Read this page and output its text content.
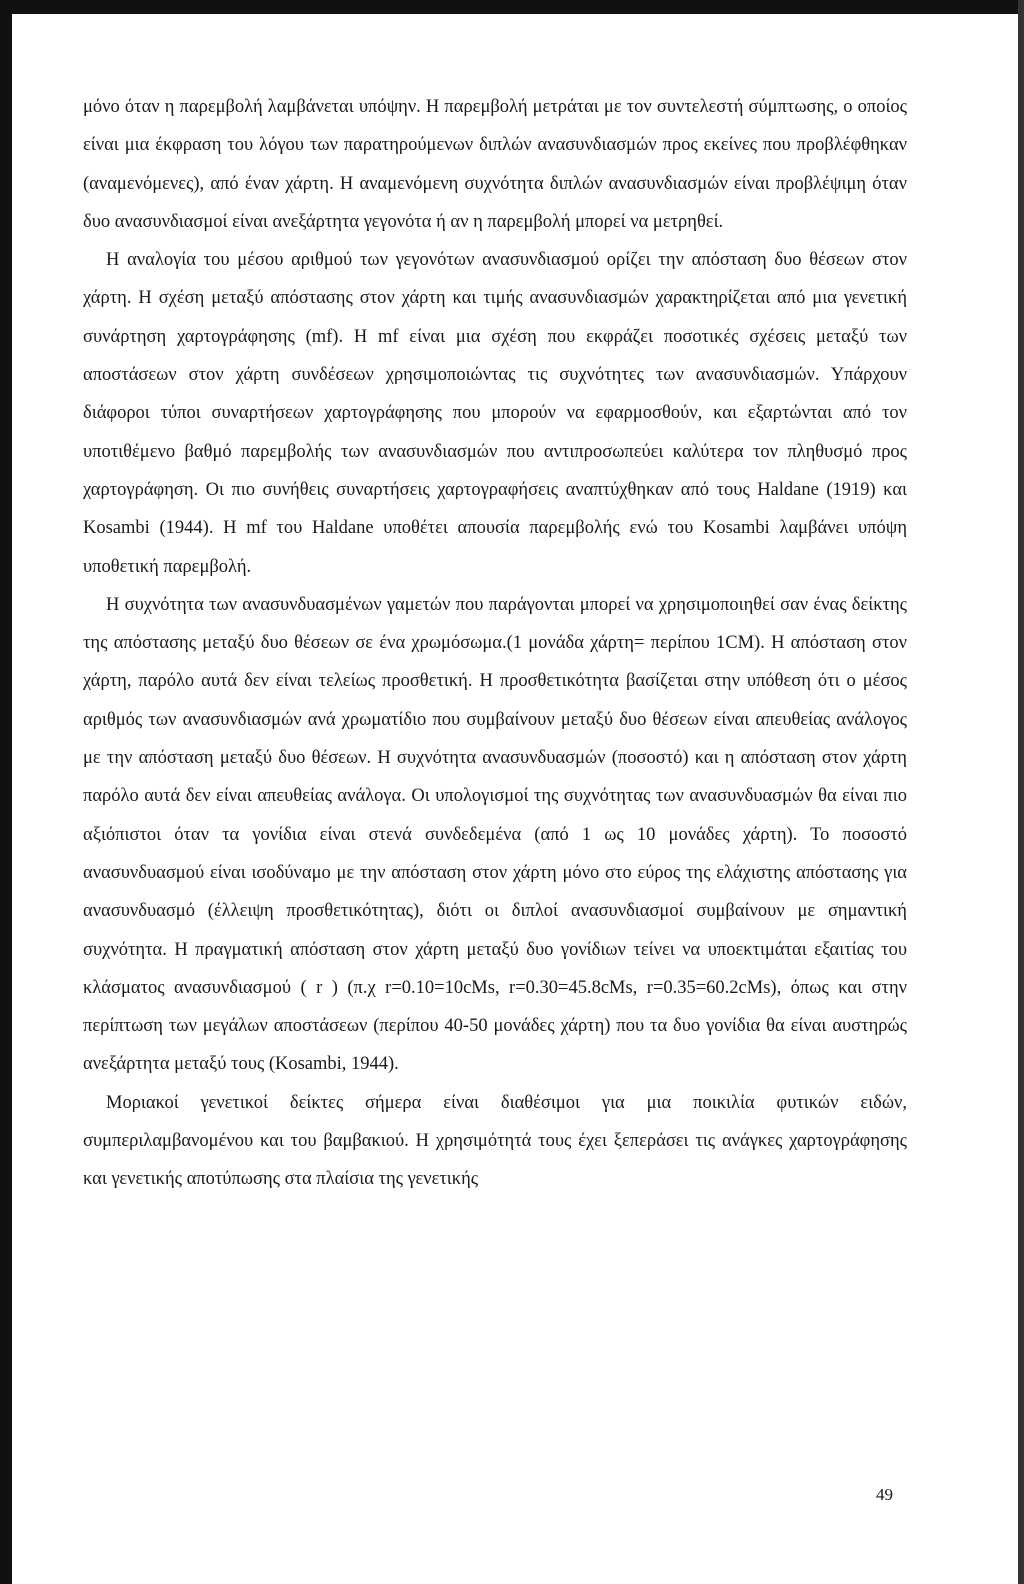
μόνο όταν η παρεμβολή λαμβάνεται υπόψην. Η παρεμβολή μετράται με τον συντελεστή σύμπτωσης, ο οποίος είναι μια έκφραση του λόγου των παρατηρούμενων διπλών ανασυνδιασμών προς εκείνες που προβλέφθηκαν (αναμενόμενες), από έναν χάρτη. Η αναμενόμενη συχνότητα διπλών ανασυνδιασμών είναι προβλέψιμη όταν δυο ανασυνδιασμοί είναι ανεξάρτητα γεγονότα ή αν η παρεμβολή μπορεί να μετρηθεί.

Η αναλογία του μέσου αριθμού των γεγονότων ανασυνδιασμού ορίζει την απόσταση δυο θέσεων στον χάρτη. Η σχέση μεταξύ απόστασης στον χάρτη και τιμής ανασυνδιασμών χαρακτηρίζεται από μια γενετική συνάρτηση χαρτογράφησης (mf). Η mf είναι μια σχέση που εκφράζει ποσοτικές σχέσεις μεταξύ των αποστάσεων στον χάρτη συνδέσεων χρησιμοποιώντας τις συχνότητες των ανασυνδιασμών. Υπάρχουν διάφοροι τύποι συναρτήσεων χαρτογράφησης που μπορούν να εφαρμοσθούν, και εξαρτώνται από τον υποτιθέμενο βαθμό παρεμβολής των ανασυνδιασμών που αντιπροσωπεύει καλύτερα τον πληθυσμό προς χαρτογράφηση. Οι πιο συνήθεις συναρτήσεις χαρτογραφήσεις αναπτύχθηκαν από τους Haldane (1919) και Kosambi (1944). Η mf του Haldane υποθέτει απουσία παρεμβολής ενώ του Kosambi λαμβάνει υπόψη υποθετική παρεμβολή.

Η συχνότητα των ανασυνδυασμένων γαμετών που παράγονται μπορεί να χρησιμοποιηθεί σαν ένας δείκτης της απόστασης μεταξύ δυο θέσεων σε ένα χρωμόσωμα.(1 μονάδα χάρτη= περίπου 1CM). Η απόσταση στον χάρτη, παρόλο αυτά δεν είναι τελείως προσθετική. Η προσθετικότητα βασίζεται στην υπόθεση ότι ο μέσος αριθμός των ανασυνδιασμών ανά χρωματίδιο που συμβαίνουν μεταξύ δυο θέσεων είναι απευθείας ανάλογος με την απόσταση μεταξύ δυο θέσεων. Η συχνότητα ανασυνδυασμών (ποσοστό) και η απόσταση στον χάρτη παρόλο αυτά δεν είναι απευθείας ανάλογα. Οι υπολογισμοί της συχνότητας των ανασυνδυασμών θα είναι πιο αξιόπιστοι όταν τα γονίδια είναι στενά συνδεδεμένα (από 1 ως 10 μονάδες χάρτη). Το ποσοστό ανασυνδυασμού είναι ισοδύναμο με την απόσταση στον χάρτη μόνο στο εύρος της ελάχιστης απόστασης για ανασυνδυασμό (έλλειψη προσθετικότητας), διότι οι διπλοί ανασυνδιασμοί συμβαίνουν με σημαντική συχνότητα. Η πραγματική απόσταση στον χάρτη μεταξύ δυο γονίδιων τείνει να υποεκτιμάται εξαιτίας του κλάσματος ανασυνδιασμού ( r ) (π.χ r=0.10=10cMs, r=0.30=45.8cMs, r=0.35=60.2cMs), όπως και στην περίπτωση των μεγάλων αποστάσεων (περίπου 40-50 μονάδες χάρτη) που τα δυο γονίδια θα είναι αυστηρώς ανεξάρτητα μεταξύ τους (Kosambi, 1944).

Μοριακοί γενετικοί δείκτες σήμερα είναι διαθέσιμοι για μια ποικιλία φυτικών ειδών, συμπεριλαμβανομένου και του βαμβακιού. Η χρησιμότητά τους έχει ξεπεράσει τις ανάγκες χαρτογράφησης και γενετικής αποτύπωσης στα πλαίσια της γενετικής

49
